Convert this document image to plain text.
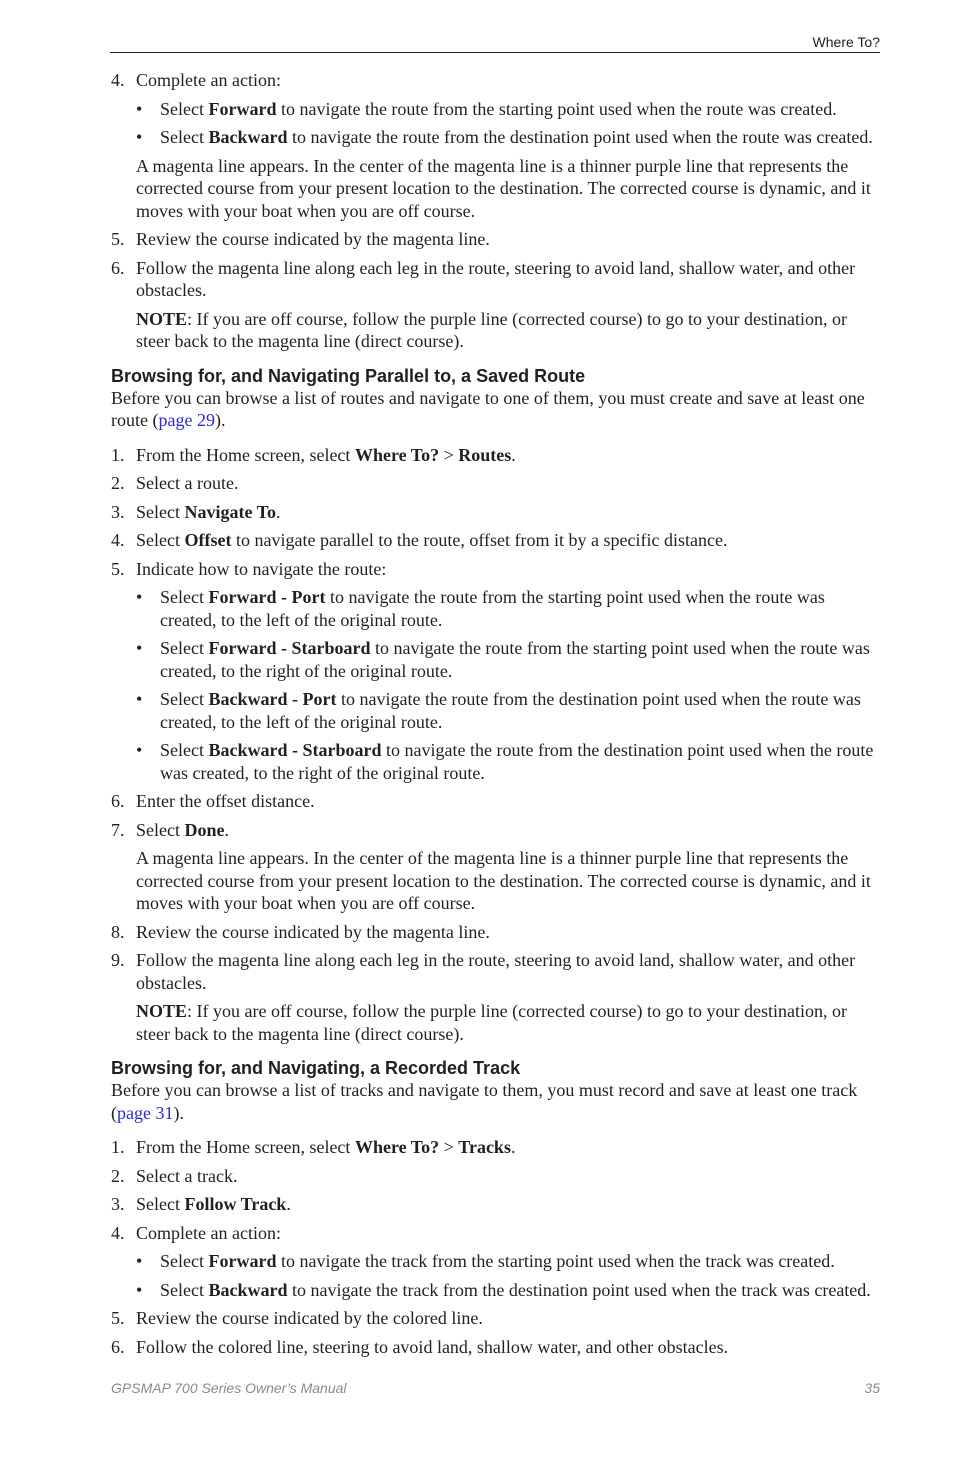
Where To?
4. Complete an action:
• Select Forward to navigate the route from the starting point used when the route was created.
• Select Backward to navigate the route from the destination point used when the route was created.
A magenta line appears. In the center of the magenta line is a thinner purple line that represents the corrected course from your present location to the destination. The corrected course is dynamic, and it moves with your boat when you are off course.
5. Review the course indicated by the magenta line.
6. Follow the magenta line along each leg in the route, steering to avoid land, shallow water, and other obstacles.
NOTE: If you are off course, follow the purple line (corrected course) to go to your destination, or steer back to the magenta line (direct course).
Browsing for, and Navigating Parallel to, a Saved Route
Before you can browse a list of routes and navigate to one of them, you must create and save at least one route (page 29).
1. From the Home screen, select Where To? > Routes.
2. Select a route.
3. Select Navigate To.
4. Select Offset to navigate parallel to the route, offset from it by a specific distance.
5. Indicate how to navigate the route:
• Select Forward - Port to navigate the route from the starting point used when the route was created, to the left of the original route.
• Select Forward - Starboard to navigate the route from the starting point used when the route was created, to the right of the original route.
• Select Backward - Port to navigate the route from the destination point used when the route was created, to the left of the original route.
• Select Backward - Starboard to navigate the route from the destination point used when the route was created, to the right of the original route.
6. Enter the offset distance.
7. Select Done.
A magenta line appears. In the center of the magenta line is a thinner purple line that represents the corrected course from your present location to the destination. The corrected course is dynamic, and it moves with your boat when you are off course.
8. Review the course indicated by the magenta line.
9. Follow the magenta line along each leg in the route, steering to avoid land, shallow water, and other obstacles.
NOTE: If you are off course, follow the purple line (corrected course) to go to your destination, or steer back to the magenta line (direct course).
Browsing for, and Navigating, a Recorded Track
Before you can browse a list of tracks and navigate to them, you must record and save at least one track (page 31).
1. From the Home screen, select Where To? > Tracks.
2. Select a track.
3. Select Follow Track.
4. Complete an action:
• Select Forward to navigate the track from the starting point used when the track was created.
• Select Backward to navigate the track from the destination point used when the track was created.
5. Review the course indicated by the colored line.
6. Follow the colored line, steering to avoid land, shallow water, and other obstacles.
GPSMAP 700 Series Owner’s Manual	35
